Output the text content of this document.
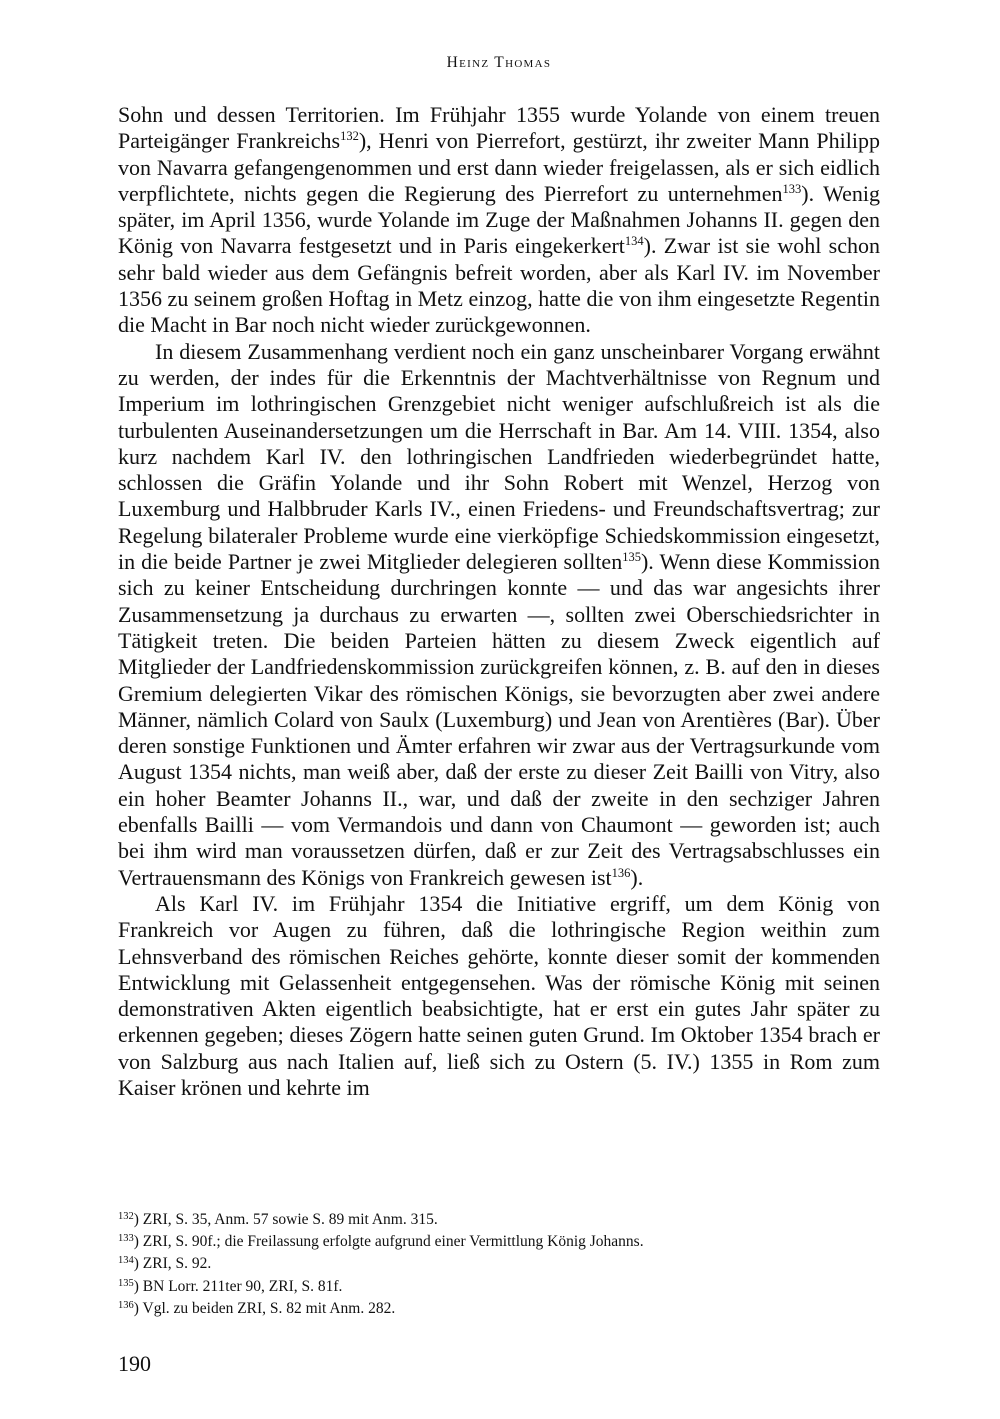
Heinz Thomas

Sohn und dessen Territorien. Im Frühjahr 1355 wurde Yolande von einem treuen Parteigänger Frankreichs$^{132}$), Henri von Pierrefort, gestürzt, ihr zweiter Mann Philipp von Navarra gefangengenommen und erst dann wieder freigelassen, als er sich eidlich verpflichtete, nichts gegen die Regierung des Pierrefort zu unternehmen$^{133}$). Wenig später, im April 1356, wurde Yolande im Zuge der Maßnahmen Johanns II. gegen den König von Navarra festgesetzt und in Paris eingekerkert$^{134}$). Zwar ist sie wohl schon sehr bald wieder aus dem Gefängnis befreit worden, aber als Karl IV. im November 1356 zu seinem großen Hoftag in Metz einzog, hatte die von ihm eingesetzte Regentin die Macht in Bar noch nicht wieder zurückgewonnen.

In diesem Zusammenhang verdient noch ein ganz unscheinbarer Vorgang erwähnt zu werden, der indes für die Erkenntnis der Machtverhältnisse von Regnum und Imperium im lothringischen Grenzgebiet nicht weniger aufschlußreich ist als die turbulenten Auseinandersetzungen um die Herrschaft in Bar. Am 14. VIII. 1354, also kurz nachdem Karl IV. den lothringischen Landfrieden wiederbegründet hatte, schlossen die Gräfin Yolande und ihr Sohn Robert mit Wenzel, Herzog von Luxemburg und Halbbruder Karls IV., einen Friedens- und Freundschaftsvertrag; zur Regelung bilateraler Probleme wurde eine vierköpfige Schiedskommission eingesetzt, in die beide Partner je zwei Mitglieder delegieren sollten$^{135}$). Wenn diese Kommission sich zu keiner Entscheidung durchringen konnte — und das war angesichts ihrer Zusammensetzung ja durchaus zu erwarten —, sollten zwei Oberschiedsrichter in Tätigkeit treten. Die beiden Parteien hätten zu diesem Zweck eigentlich auf Mitglieder der Landfriedenskommission zurückgreifen können, z. B. auf den in dieses Gremium delegierten Vikar des römischen Königs, sie bevorzugten aber zwei andere Männer, nämlich Colard von Saulx (Luxemburg) und Jean von Arentières (Bar). Über deren sonstige Funktionen und Ämter erfahren wir zwar aus der Vertragsurkunde vom August 1354 nichts, man weiß aber, daß der erste zu dieser Zeit Bailli von Vitry, also ein hoher Beamter Johanns II., war, und daß der zweite in den sechziger Jahren ebenfalls Bailli — vom Vermandois und dann von Chaumont — geworden ist; auch bei ihm wird man voraussetzen dürfen, daß er zur Zeit des Vertragsabschlusses ein Vertrauensmann des Königs von Frankreich gewesen ist$^{136}$).

Als Karl IV. im Frühjahr 1354 die Initiative ergriff, um dem König von Frankreich vor Augen zu führen, daß die lothringische Region weithin zum Lehnsverband des römischen Reiches gehörte, konnte dieser somit der kommenden Entwicklung mit Gelassenheit entgegensehen. Was der römische König mit seinen demonstrativen Akten eigentlich beabsichtigte, hat er erst ein gutes Jahr später zu erkennen gegeben; dieses Zögern hatte seinen guten Grund. Im Oktober 1354 brach er von Salzburg aus nach Italien auf, ließ sich zu Ostern (5. IV.) 1355 in Rom zum Kaiser krönen und kehrte im

$^{132}$) ZRI, S. 35, Anm. 57 sowie S. 89 mit Anm. 315.
$^{133}$) ZRI, S. 90f.; die Freilassung erfolgte aufgrund einer Vermittlung König Johanns.
$^{134}$) ZRI, S. 92.
$^{135}$) BN Lorr. 211ter 90, ZRI, S. 81f.
$^{136}$) Vgl. zu beiden ZRI, S. 82 mit Anm. 282.
190
